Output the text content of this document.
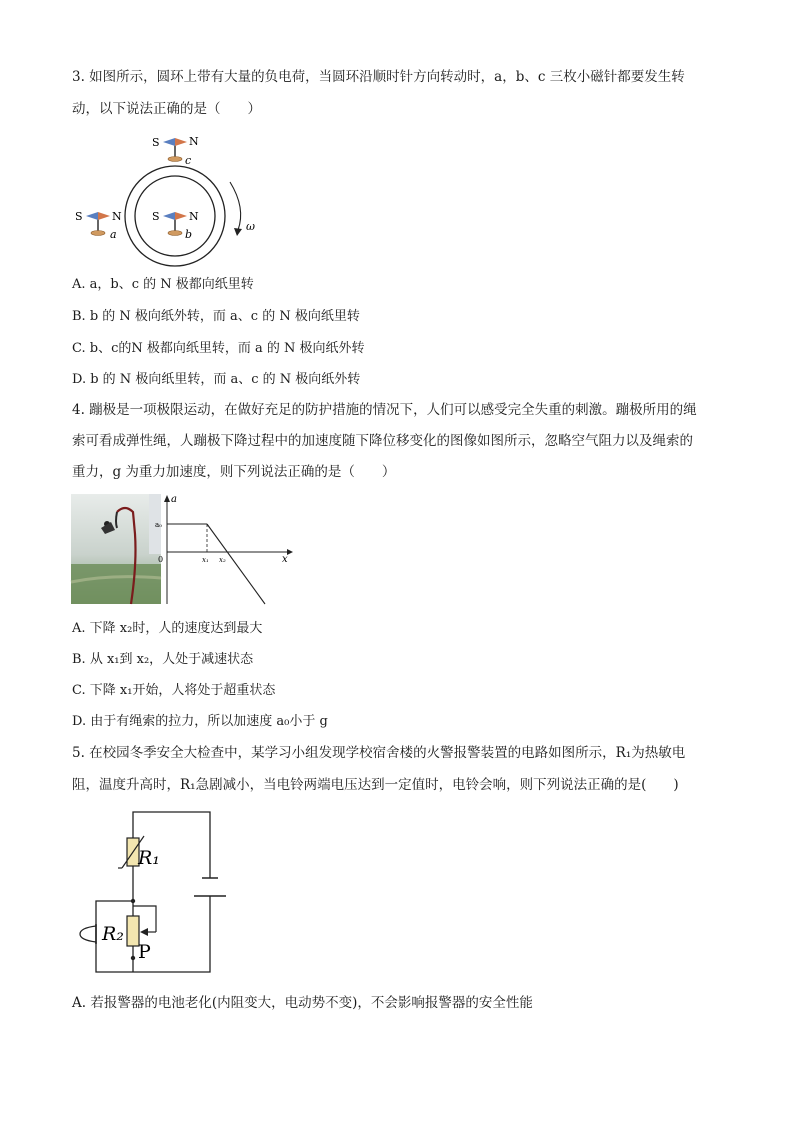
3. 如图所示，圆环上带有大量的负电荷，当圆环沿顺时针方向转动时，a，b、c 三枚小磁针都要发生转
动，以下说法正确的是（　　）
ω
S	N
c
S	N
b
S	N
a
A. a，b、c 的 N 极都向纸里转
B. b 的 N 极向纸外转，而 a、c 的 N 极向纸里转
C. b、c的N 极都向纸里转，而 a 的 N 极向纸外转
D. b 的 N 极向纸里转，而 a、c 的 N 极向纸外转
4. 蹦极是一项极限运动，在做好充足的防护措施的情况下，人们可以感受完全失重的刺激。蹦极所用的绳
索可看成弹性绳，人蹦极下降过程中的加速度随下降位移变化的图像如图所示，忽略空气阻力以及绳索的
重力，g 为重力加速度，则下列说法正确的是（　　）
a
x
a₀
0	x₁ x₂
A. 下降 x₂时，人的速度达到最大
B. 从 x₁到 x₂，人处于减速状态
C. 下降 x₁开始，人将处于超重状态
D. 由于有绳索的拉力，所以加速度 a₀小于 g
5. 在校园冬季安全大检查中，某学习小组发现学校宿舍楼的火警报警装置的电路如图所示，R₁为热敏电
阻，温度升高时，R₁急剧减小，当电铃两端电压达到一定值时，电铃会响，则下列说法正确的是(　　)
R₁
R₂
P
A. 若报警器的电池老化(内阻变大，电动势不变)，不会影响报警器的安全性能
